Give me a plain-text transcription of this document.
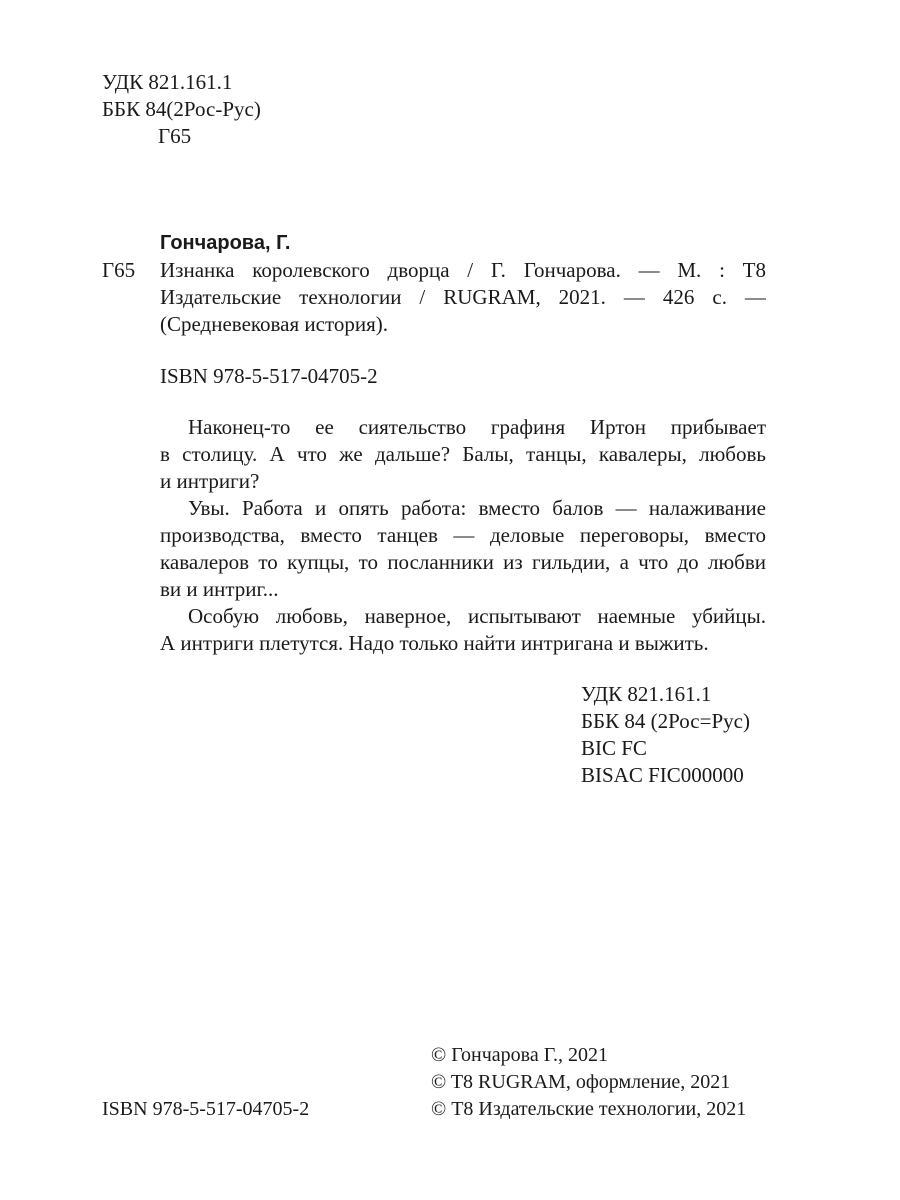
УДК 821.161.1
ББК 84(2Рос-Рус)
Г65
Гончарова, Г.
Г65 Изнанка королевского дворца / Г. Гончарова. — М. : Т8
Издательские технологии / RUGRAM, 2021. — 426 с. —
(Средневековая история).
ISBN 978-5-517-04705-2
Наконец-то ее сиятельство графиня Иртон прибывает
в столицу. А что же дальше? Балы, танцы, кавалеры, любовь
и интриги?
Увы. Работа и опять работа: вместо балов — налаживание
производства, вместо танцев — деловые переговоры, вместо
кавалеров то купцы, то посланники из гильдии, а что до любви
ви и интриг...
Особую любовь, наверное, испытывают наемные убийцы.
А интриги плетутся. Надо только найти интригана и выжить.
УДК 821.161.1
ББК 84 (2Рос=Рус)
BIC FC
BISAC FIC000000
© Гончарова Г., 2021
© T8 RUGRAM, оформление, 2021
© Т8 Издательские технологии, 2021
ISBN 978-5-517-04705-2
